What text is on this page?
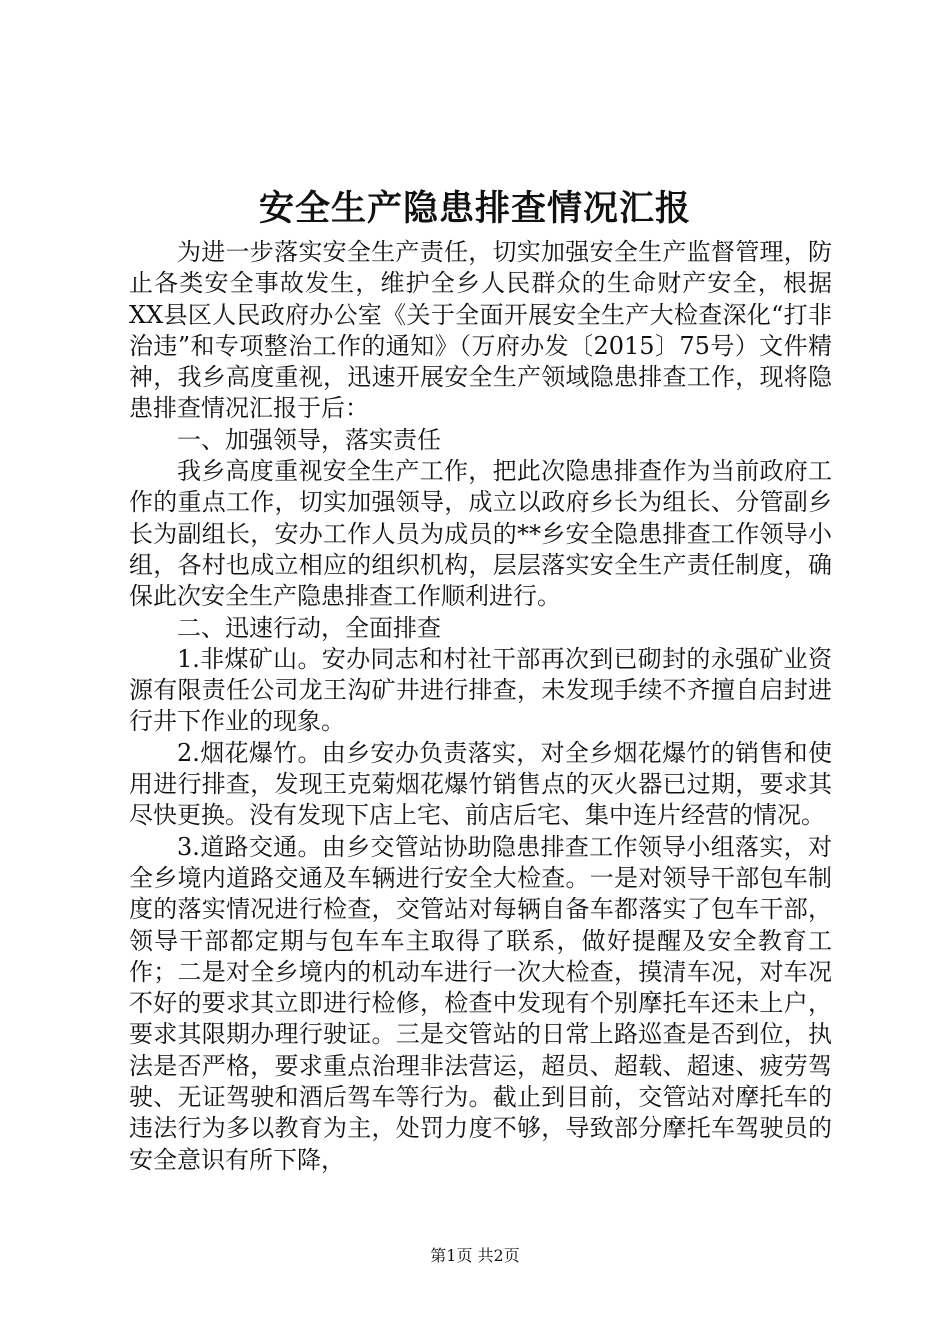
安全生产隐患排查情况汇报

为进一步落实安全生产责任，切实加强安全生产监督管理，防止各类安全事故发生，维护全乡人民群众的生命财产安全，根据XX县区人民政府办公室《关于全面开展安全生产大检查深化“打非治违”和专项整治工作的通知》（万府办发〔2015〕75号）文件精神，我乡高度重视，迅速开展安全生产领域隐患排查工作，现将隐患排查情况汇报于后：

一、加强领导，落实责任

我乡高度重视安全生产工作，把此次隐患排查作为当前政府工作的重点工作，切实加强领导，成立以政府乡长为组长、分管副乡长为副组长，安办工作人员为成员的**乡安全隐患排查工作领导小组，各村也成立相应的组织机构，层层落实安全生产责任制度，确保此次安全生产隐患排查工作顺利进行。

二、迅速行动，全面排查

1.非煤矿山。安办同志和村社干部再次到已砌封的永强矿业资源有限责任公司龙王沟矿井进行排查，未发现手续不齐擅自启封进行井下作业的现象。

2.烟花爆竹。由乡安办负责落实，对全乡烟花爆竹的销售和使用进行排查，发现王克菊烟花爆竹销售点的灭火器已过期，要求其尽快更换。没有发现下店上宅、前店后宅、集中连片经营的情况。

3.道路交通。由乡交管站协助隐患排查工作领导小组落实，对全乡境内道路交通及车辆进行安全大检查。一是对领导干部包车制度的落实情况进行检查，交管站对每辆自备车都落实了包车干部，领导干部都定期与包车车主取得了联系，做好提醒及安全教育工作；二是对全乡境内的机动车进行一次大检查，摸清车况，对车况不好的要求其立即进行检修，检查中发现有个别摩托车还未上户，要求其限期办理行驶证。三是交管站的日常上路巡查是否到位，执法是否严格，要求重点治理非法营运，超员、超载、超速、疲劳驾驶、无证驾驶和酒后驾车等行为。截止到目前，交管站对摩托车的违法行为多以教育为主，处罚力度不够，导致部分摩托车驾驶员的安全意识有所下降，

第1页 共2页
